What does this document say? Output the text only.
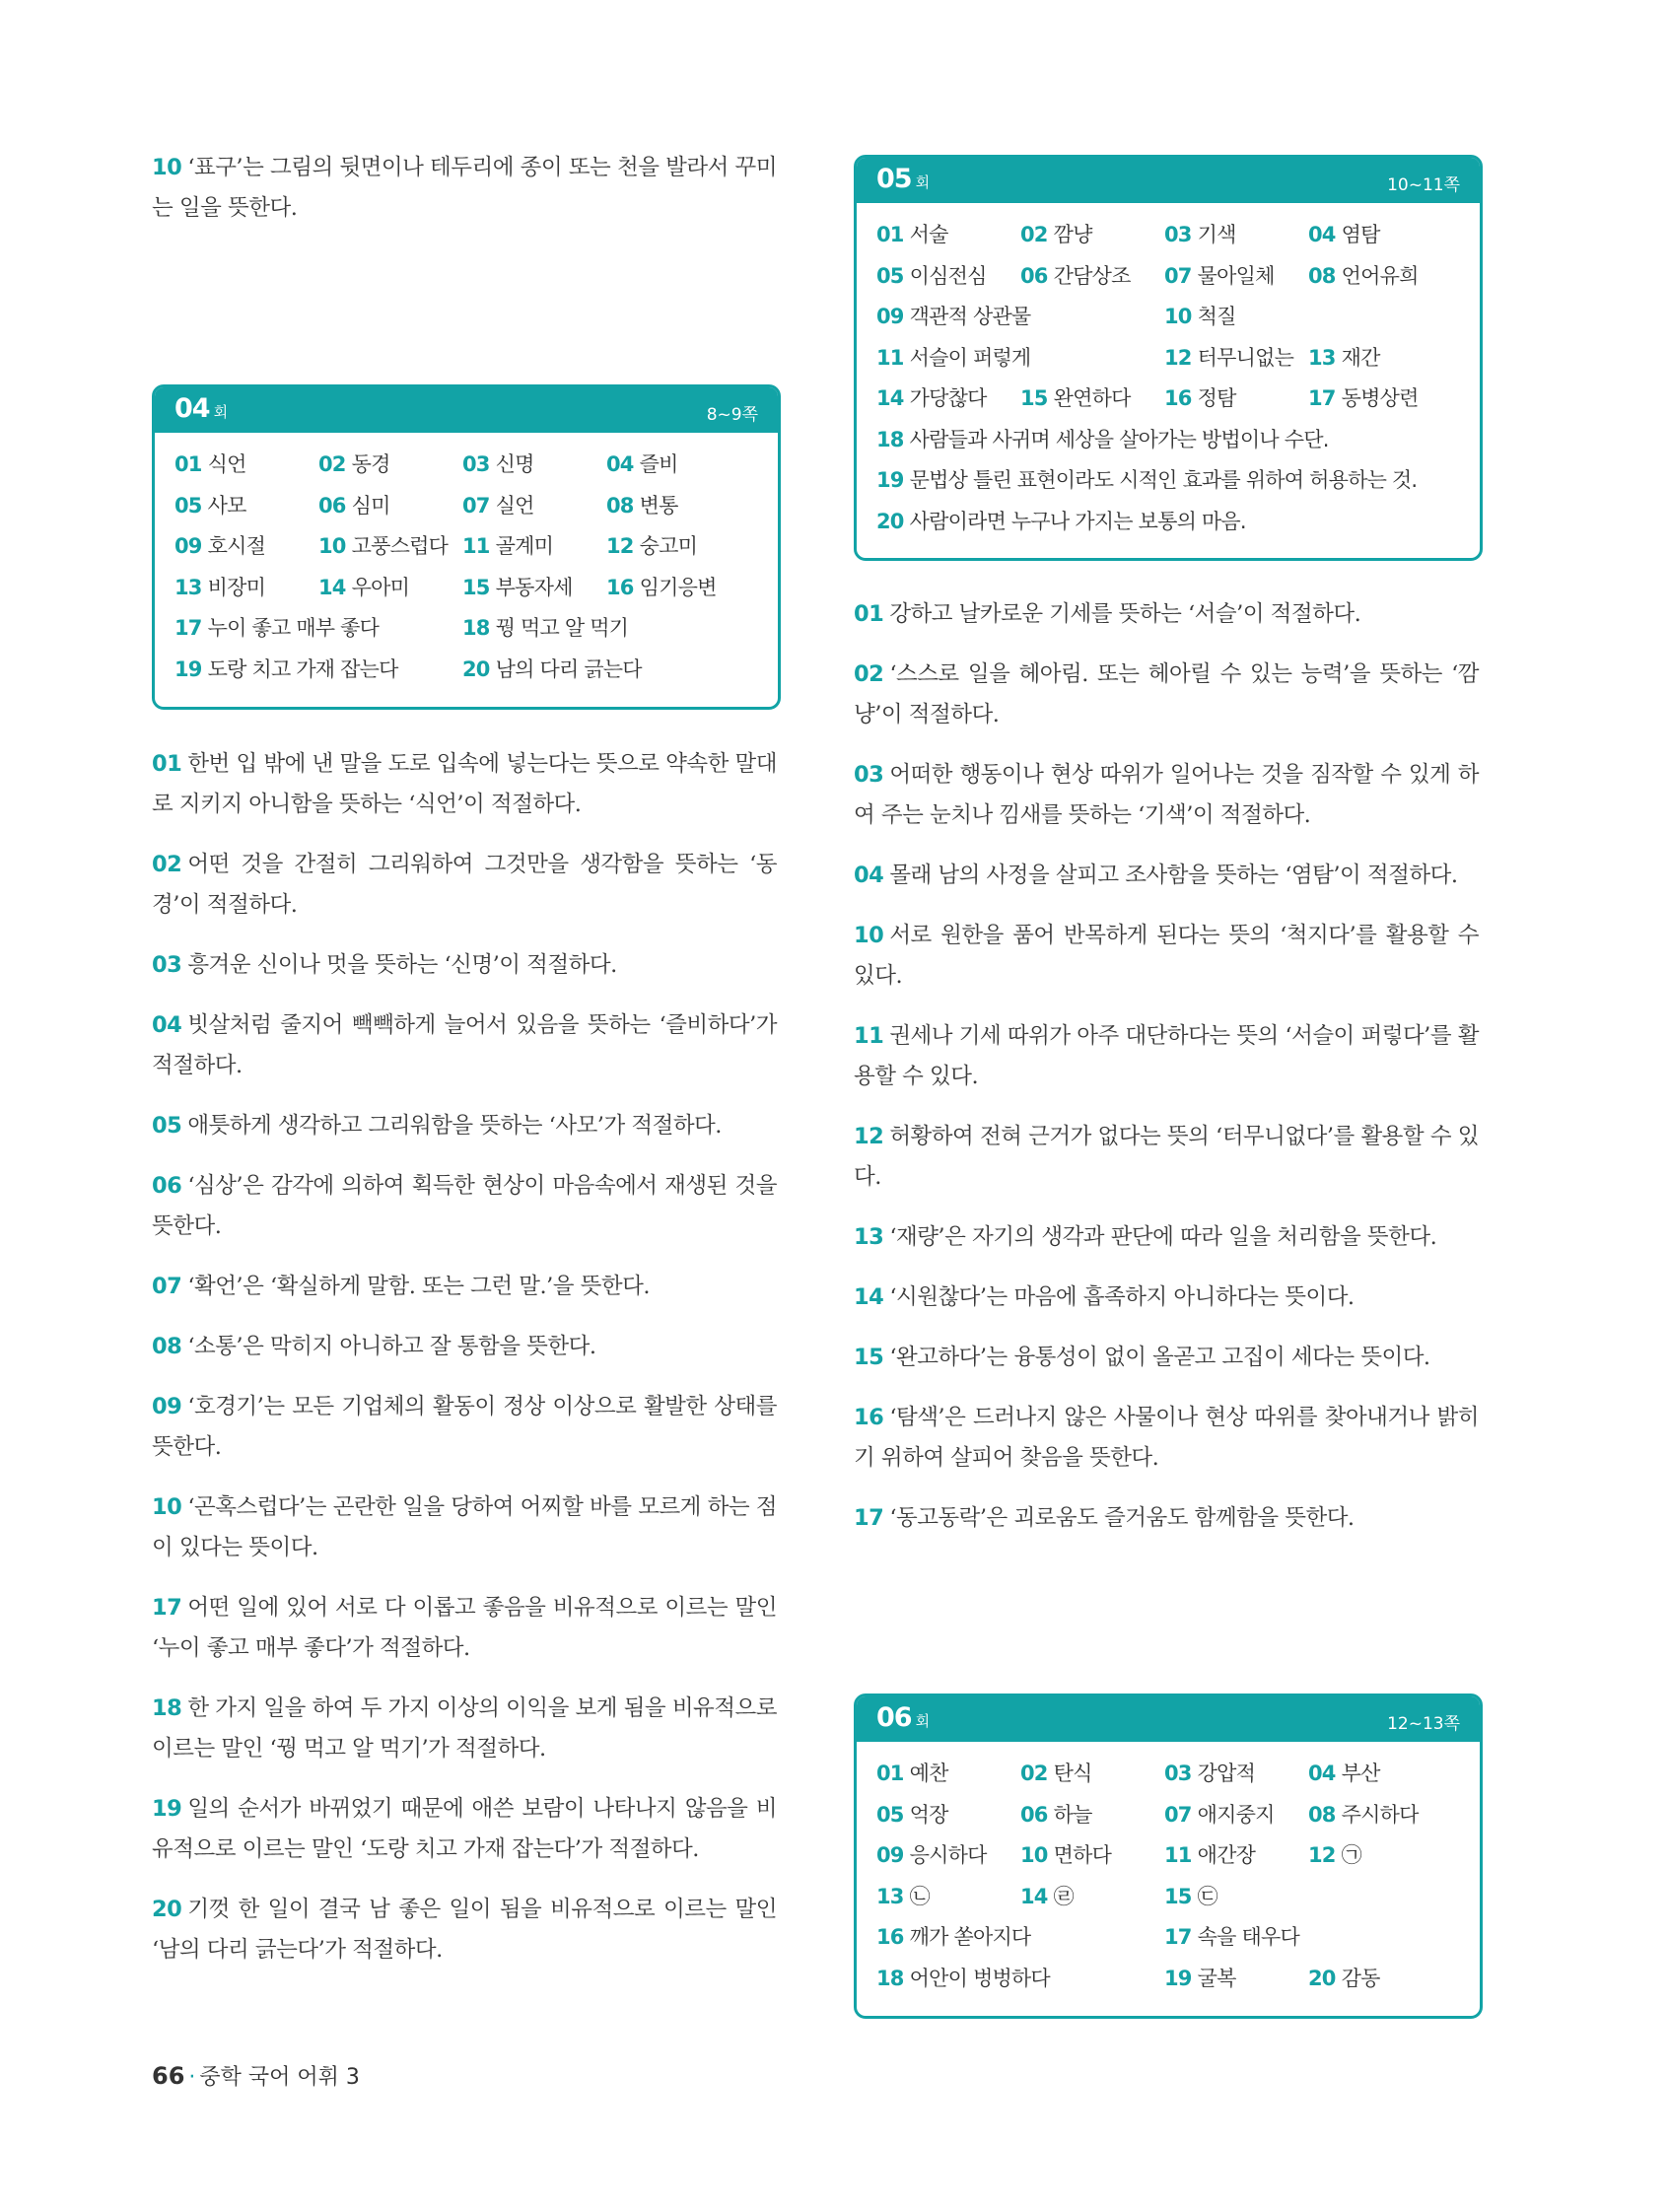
10 ‘표구’는 그림의 뒷면이나 테두리에 종이 또는 천을 발라서 꾸미는 일을 뜻한다.

04 회	8~9쪽
01 식언	02 동경	03 신명	04 즐비
05 사모	06 심미	07 실언	08 변통
09 호시절	10 고풍스럽다 11 골계미	12 숭고미
13 비장미	14 우아미	15 부동자세	16 임기응변
17 누이 좋고 매부 좋다	18 꿩 먹고 알 먹기
19 도랑 치고 가재 잡는다	20 남의 다리 긁는다

01 한번 입 밖에 낸 말을 도로 입속에 넣는다는 뜻으로 약속한 말대로 지키지 아니함을 뜻하는 ‘식언’이 적절하다.

02 어떤 것을 간절히 그리워하여 그것만을 생각함을 뜻하는 ‘동경’이 적절하다.

03 흥겨운 신이나 멋을 뜻하는 ‘신명’이 적절하다.

04 빗살처럼 줄지어 빽빽하게 늘어서 있음을 뜻하는 ‘즐비하다’가 적절하다.

05 애틋하게 생각하고 그리워함을 뜻하는 ‘사모’가 적절하다.

06 ‘심상’은 감각에 의하여 획득한 현상이 마음속에서 재생된 것을 뜻한다.

07 ‘확언’은 ‘확실하게 말함. 또는 그런 말.’을 뜻한다.

08 ‘소통’은 막히지 아니하고 잘 통함을 뜻한다.

09 ‘호경기’는 모든 기업체의 활동이 정상 이상으로 활발한 상태를 뜻한다.

10 ‘곤혹스럽다’는 곤란한 일을 당하여 어찌할 바를 모르게 하는 점이 있다는 뜻이다.

17 어떤 일에 있어 서로 다 이롭고 좋음을 비유적으로 이르는 말인 ‘누이 좋고 매부 좋다’가 적절하다.

18 한 가지 일을 하여 두 가지 이상의 이익을 보게 됨을 비유적으로 이르는 말인 ‘꿩 먹고 알 먹기’가 적절하다.

19 일의 순서가 바뀌었기 때문에 애쓴 보람이 나타나지 않음을 비유적으로 이르는 말인 ‘도랑 치고 가재 잡는다’가 적절하다.

20 기껏 한 일이 결국 남 좋은 일이 됨을 비유적으로 이르는 말인 ‘남의 다리 긁는다’가 적절하다.

05 회	10~11쪽
01 서술	02 깜냥	03 기색	04 염탐
05 이심전심	06 간담상조	07 물아일체	08 언어유희
09 객관적 상관물	10 척질
11 서슬이 퍼렇게	12 터무니없는 13 재간
14 가당찮다	15 완연하다	16 정탐	17 동병상련
18 사람들과 사귀며 세상을 살아가는 방법이나 수단.
19 문법상 틀린 표현이라도 시적인 효과를 위하여 허용하는 것.
20 사람이라면 누구나 가지는 보통의 마음.

01 강하고 날카로운 기세를 뜻하는 ‘서슬’이 적절하다.

02 ‘스스로 일을 헤아림. 또는 헤아릴 수 있는 능력’을 뜻하는 ‘깜냥’이 적절하다.

03 어떠한 행동이나 현상 따위가 일어나는 것을 짐작할 수 있게 하여 주는 눈치나 낌새를 뜻하는 ‘기색’이 적절하다.

04 몰래 남의 사정을 살피고 조사함을 뜻하는 ‘염탐’이 적절하다.

10 서로 원한을 품어 반목하게 된다는 뜻의 ‘척지다’를 활용할 수 있다.

11 권세나 기세 따위가 아주 대단하다는 뜻의 ‘서슬이 퍼렇다’를 활용할 수 있다.

12 허황하여 전혀 근거가 없다는 뜻의 ‘터무니없다’를 활용할 수 있다.

13 ‘재량’은 자기의 생각과 판단에 따라 일을 처리함을 뜻한다.

14 ‘시원찮다’는 마음에 흡족하지 아니하다는 뜻이다.

15 ‘완고하다’는 융통성이 없이 올곧고 고집이 세다는 뜻이다.

16 ‘탐색’은 드러나지 않은 사물이나 현상 따위를 찾아내거나 밝히기 위하여 살피어 찾음을 뜻한다.

17 ‘동고동락’은 괴로움도 즐거움도 함께함을 뜻한다.

06 회	12~13쪽
01 예찬	02 탄식	03 강압적	04 부산
05 억장	06 하늘	07 애지중지	08 주시하다
09 응시하다	10 면하다	11 애간장	12 ㉠
13 ㉡	14 ㉣	15 ㉢
16 깨가 쏟아지다	17 속을 태우다
18 어안이 벙벙하다	19 굴복	20 감동
66 · 중학 국어 어휘 3
